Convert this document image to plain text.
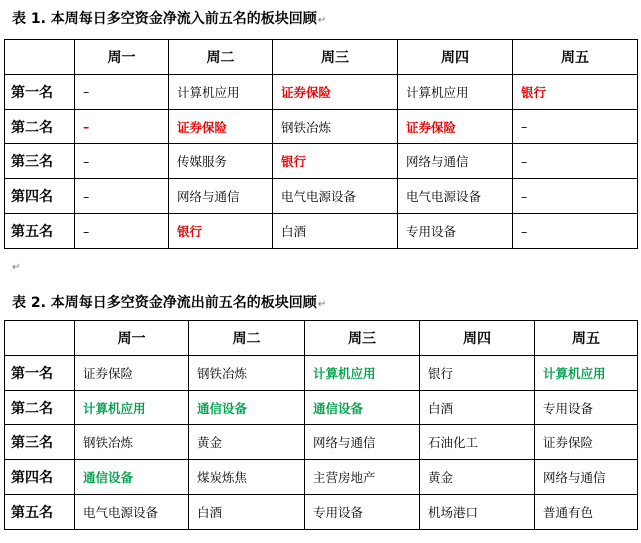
表 1. 本周每日多空资金净流入前五名的板块回顾↵
	周一	周二	周三	周四	周五
第一名	–	计算机应用	证券保险	计算机应用	银行
第二名	–	证券保险	钢铁冶炼	证券保险	–
第三名	–	传媒服务	银行	网络与通信	–
第四名	–	网络与通信	电气电源设备	电气电源设备	–
第五名	–	银行	白酒	专用设备	–
↵
表 2. 本周每日多空资金净流出前五名的板块回顾↵
	周一	周二	周三	周四	周五
第一名	证券保险	钢铁冶炼	计算机应用	银行	计算机应用
第二名	计算机应用	通信设备	通信设备	白酒	专用设备
第三名	钢铁冶炼	黄金	网络与通信	石油化工	证券保险
第四名	通信设备	煤炭炼焦	主营房地产	黄金	网络与通信
第五名	电气电源设备	白酒	专用设备	机场港口	普通有色
